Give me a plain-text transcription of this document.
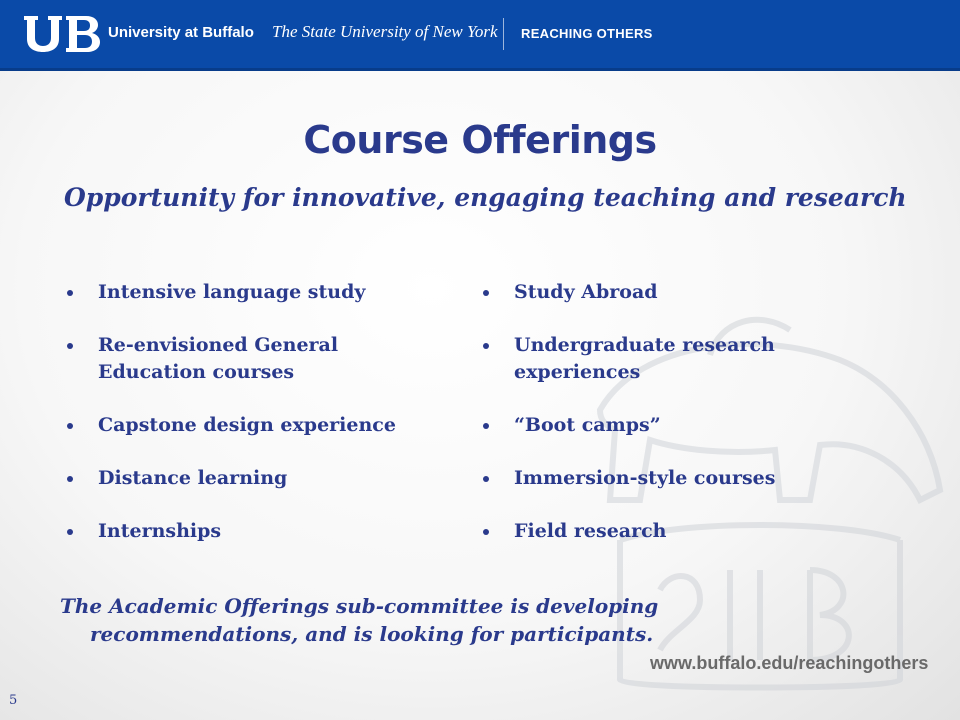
University at Buffalo The State University of New York REACHING OTHERS
Course Offerings
Opportunity for innovative, engaging teaching and research
Intensive language study
Re-envisioned General Education courses
Capstone design experience
Distance learning
Internships
Study Abroad
Undergraduate research experiences
“Boot camps”
Immersion-style courses
Field research
The Academic Offerings sub-committee is developing recommendations, and is looking for participants.
www.buffalo.edu/reachingothers
5
